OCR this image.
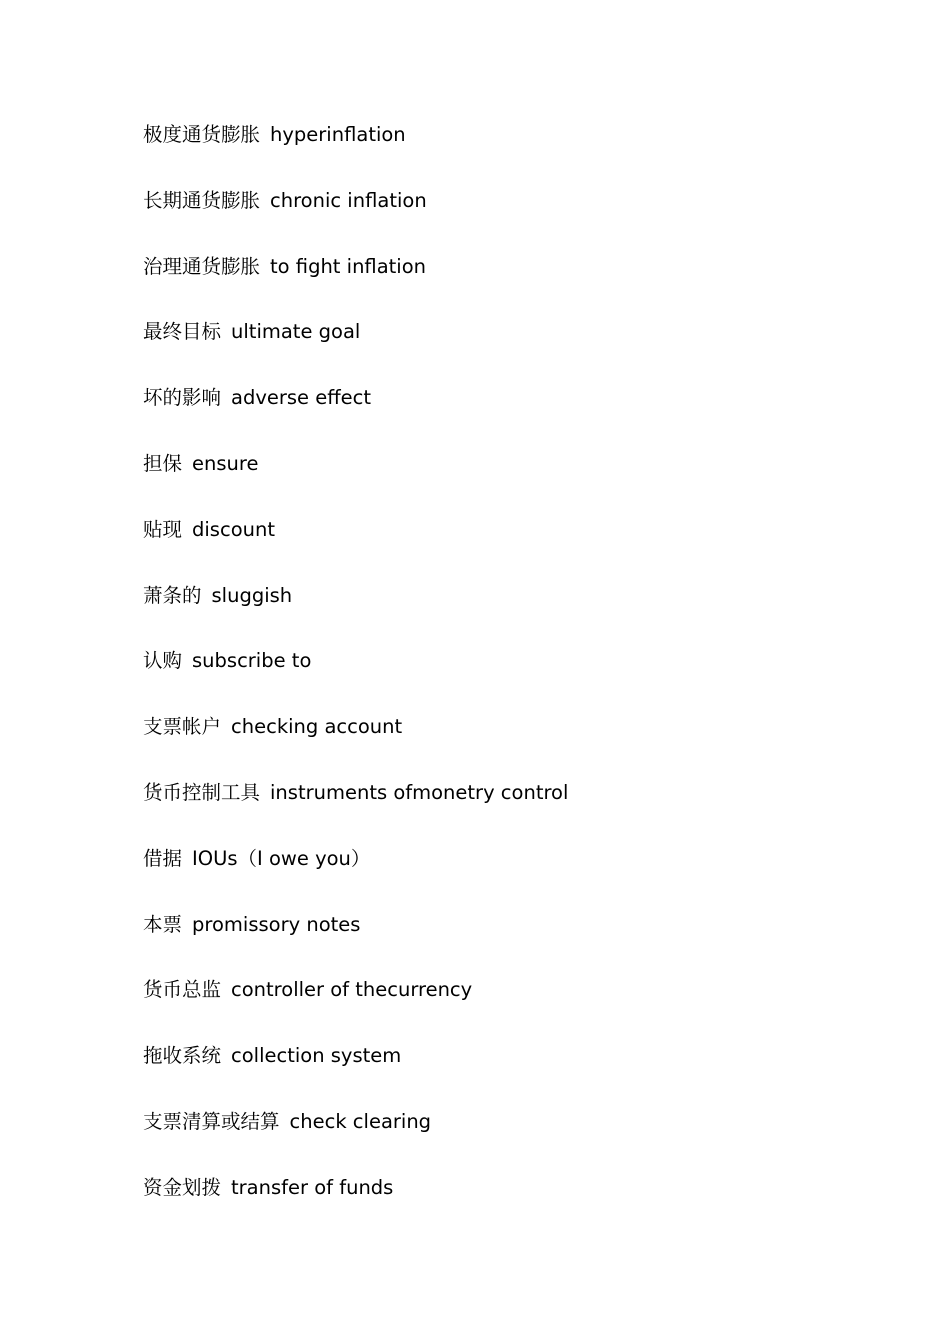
极度通货膨胀 hyperinflation
长期通货膨胀 chronic inflation
治理通货膨胀 to fight inflation
最终目标 ultimate goal
坏的影响 adverse effect
担保 ensure
贴现 discount
萧条的 sluggish
认购 subscribe to
支票帐户 checking account
货币控制工具 instruments ofmonetry control
借据 IOUs（I owe you）
本票 promissory notes
货币总监 controller of thecurrency
拖收系统 collection system
支票清算或结算 check clearing
资金划拨 transfer of funds
